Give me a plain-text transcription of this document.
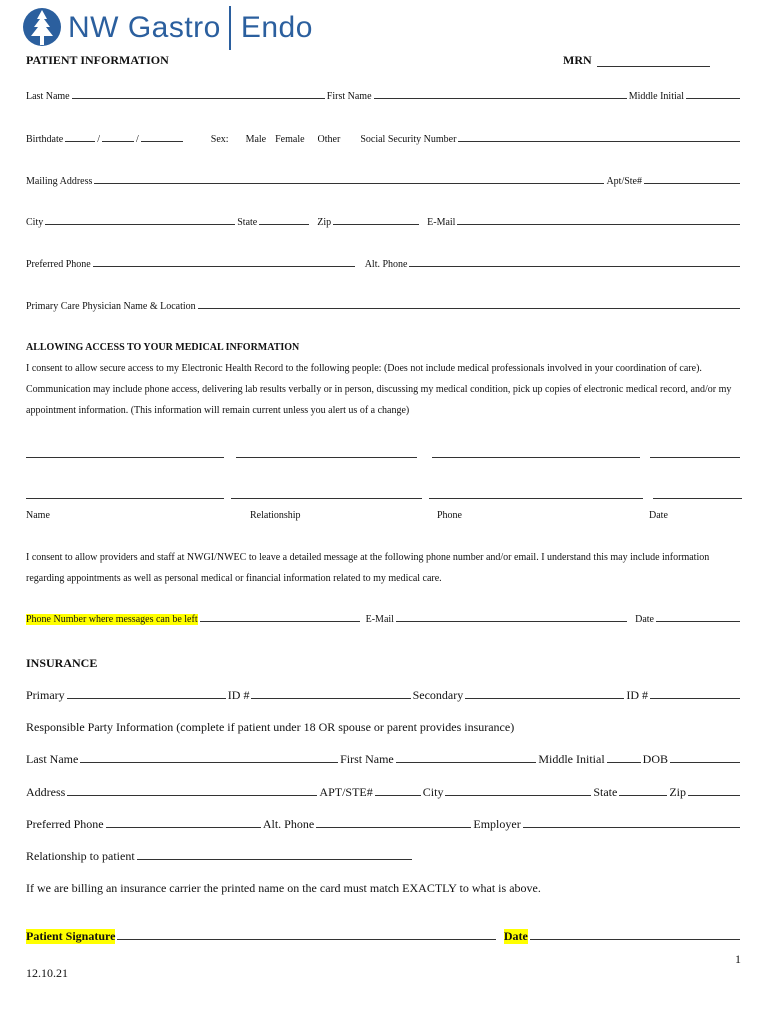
NW Gastro Endo
PATIENT INFORMATION	MRN
Last Name	First Name	Middle Initial
Birthdate	/	/	Sex: Male Female Other Social Security Number
Mailing Address	Apt/Ste#
City	State	Zip	E-Mail
Preferred Phone	Alt. Phone
Primary Care Physician Name & Location
ALLOWING ACCESS TO YOUR MEDICAL INFORMATION
I consent to allow secure access to my Electronic Health Record to the following people: (Does not include medical professionals involved in your coordination of care). Communication may include phone access, delivering lab results verbally or in person, discussing my medical condition, pick up copies of electronic medical record, and/or my appointment information. (This information will remain current unless you alert us of a change)
Name	Relationship	Phone	Date
I consent to allow providers and staff at NWGI/NWEC to leave a detailed message at the following phone number and/or email. I understand this may include information regarding appointments as well as personal medical or financial information related to my medical care.
Phone Number where messages can be left	E-Mail	Date
INSURANCE
Primary	ID #	Secondary	ID #
Responsible Party Information (complete if patient under 18 OR spouse or parent provides insurance)
Last Name	First Name	Middle Initial	DOB
Address	APT/STE#	City	State	Zip
Preferred Phone	Alt. Phone	Employer
Relationship to patient
If we are billing an insurance carrier the printed name on the card must match EXACTLY to what is above.
Patient Signature	Date
1
12.10.21
